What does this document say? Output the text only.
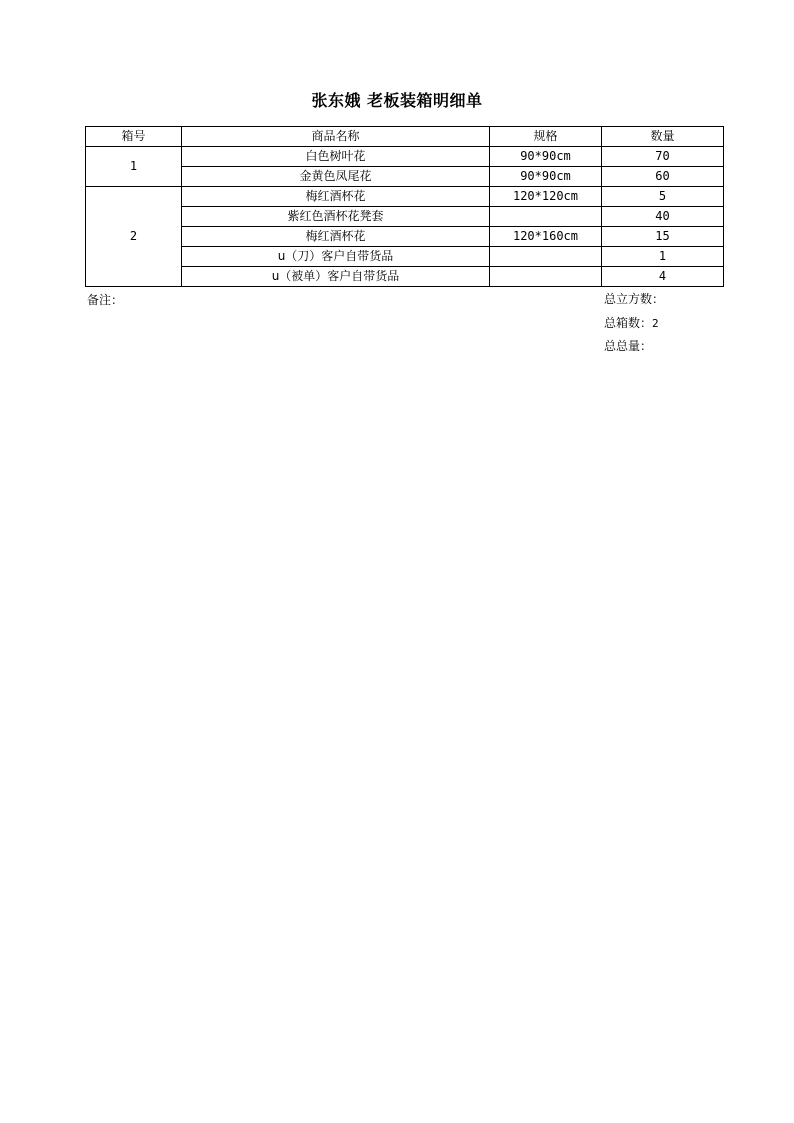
张东娥 老板装箱明细单
箱号	商品名称	规格	数量
1	白色树叶花	90*90cm	70
	金黄色凤尾花	90*90cm	60
2	梅红酒杯花	120*120cm	5
	紫红色酒杯花凳套		40
	梅红酒杯花	120*160cm	15
	u（刀）客户自带货品		1
	u（被单）客户自带货品		4
备注：	总立方数：
总箱数：2
总总量：
